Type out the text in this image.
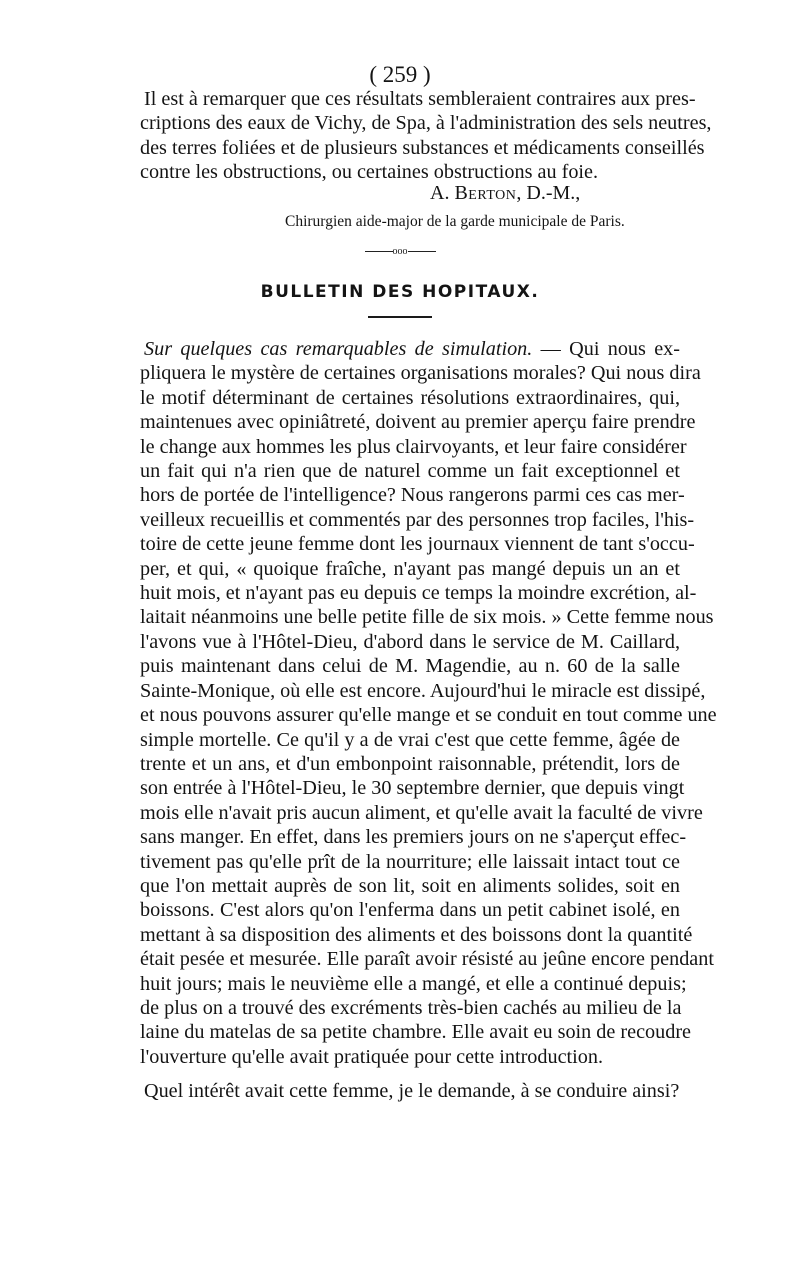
( 259 )
Il est à remarquer que ces résultats sembleraient contraires aux pres-
criptions des eaux de Vichy, de Spa, à l'administration des sels neutres,
des terres foliées et de plusieurs substances et médicaments conseillés
contre les obstructions, ou certaines obstructions au foie.
A. Berton, D.-M.,
Chirurgien aide-major de la garde municipale de Paris.
ooo
BULLETIN DES HOPITAUX.
Sur quelques cas remarquables de simulation. — Qui nous ex-
pliquera le mystère de certaines organisations morales? Qui nous dira
le motif déterminant de certaines résolutions extraordinaires, qui,
maintenues avec opiniâtreté, doivent au premier aperçu faire prendre
le change aux hommes les plus clairvoyants, et leur faire considérer
un fait qui n'a rien que de naturel comme un fait exceptionnel et
hors de portée de l'intelligence? Nous rangerons parmi ces cas mer-
veilleux recueillis et commentés par des personnes trop faciles, l'his-
toire de cette jeune femme dont les journaux viennent de tant s'occu-
per, et qui, « quoique fraîche, n'ayant pas mangé depuis un an et
huit mois, et n'ayant pas eu depuis ce temps la moindre excrétion, al-
laitait néanmoins une belle petite fille de six mois. » Cette femme nous
l'avons vue à l'Hôtel-Dieu, d'abord dans le service de M. Caillard,
puis maintenant dans celui de M. Magendie, au n. 60 de la salle
Sainte-Monique, où elle est encore. Aujourd'hui le miracle est dissipé,
et nous pouvons assurer qu'elle mange et se conduit en tout comme une
simple mortelle. Ce qu'il y a de vrai c'est que cette femme, âgée de
trente et un ans, et d'un embonpoint raisonnable, prétendit, lors de
son entrée à l'Hôtel-Dieu, le 30 septembre dernier, que depuis vingt
mois elle n'avait pris aucun aliment, et qu'elle avait la faculté de vivre
sans manger. En effet, dans les premiers jours on ne s'aperçut effec-
tivement pas qu'elle prît de la nourriture; elle laissait intact tout ce
que l'on mettait auprès de son lit, soit en aliments solides, soit en
boissons. C'est alors qu'on l'enferma dans un petit cabinet isolé, en
mettant à sa disposition des aliments et des boissons dont la quantité
était pesée et mesurée. Elle paraît avoir résisté au jeûne encore pendant
huit jours; mais le neuvième elle a mangé, et elle a continué depuis;
de plus on a trouvé des excréments très-bien cachés au milieu de la
laine du matelas de sa petite chambre. Elle avait eu soin de recoudre
l'ouverture qu'elle avait pratiquée pour cette introduction.
Quel intérêt avait cette femme, je le demande, à se conduire ainsi?
